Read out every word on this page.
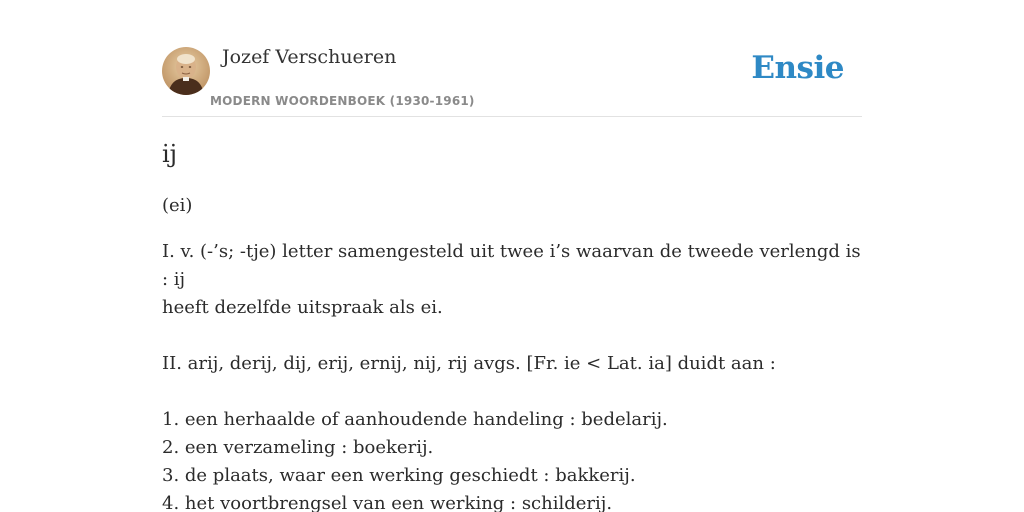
Jozef Verschueren
MODERN WOORDENBOEK (1930-1961)
Ensie
ij

(ei)

I. v. (-’s; -tje) letter samengesteld uit twee i’s waarvan de tweede verlengd is : ij
heeft dezelfde uitspraak als ei.

II. arij, derij, dij, erij, ernij, nij, rij avgs. [Fr. ie < Lat. ia] duidt aan :

1. een herhaalde of aanhoudende handeling : bedelarij.
2. een verzameling : boekerij.
3. de plaats, waar een werking geschiedt : bakkerij.
4. het voortbrengsel van een werking : schilderij.
